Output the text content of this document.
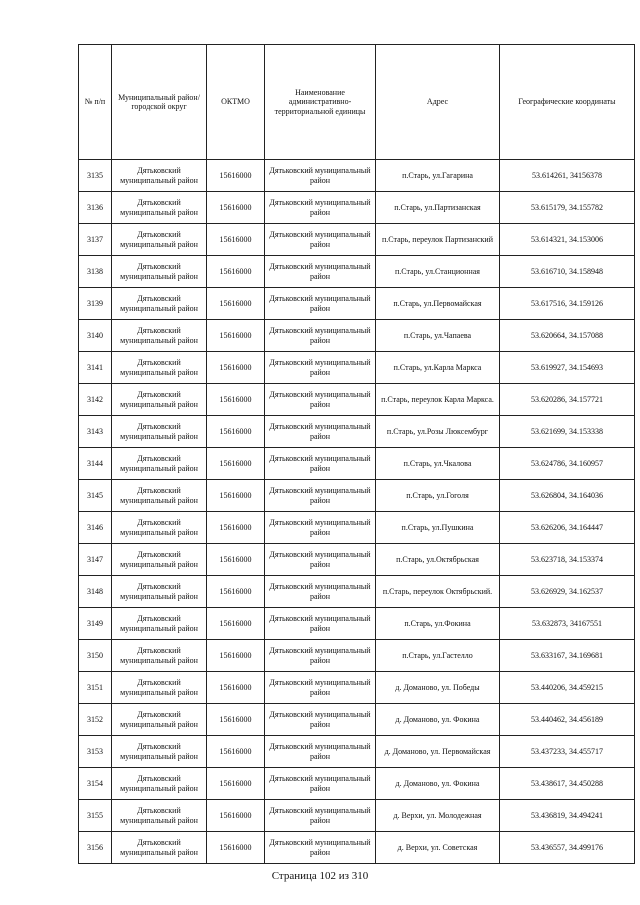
№ п/п	Муниципальный район/городской округ	ОКТМО	Наименование административно-территориальной единицы	Адрес	Географические координаты
3135	Дятьковский муниципальный район	15616000	Дятьковский муниципальный район	п.Старь, ул.Гагарина	53.614261, 34156378
3136	Дятьковский муниципальный район	15616000	Дятьковский муниципальный район	п.Старь, ул.Партизанская	53.615179, 34.155782
3137	Дятьковский муниципальный район	15616000	Дятьковский муниципальный район	п.Старь, переулок Партизанский	53.614321, 34.153006
3138	Дятьковский муниципальный район	15616000	Дятьковский муниципальный район	п.Старь, ул.Станционная	53.616710, 34.158948
3139	Дятьковский муниципальный район	15616000	Дятьковский муниципальный район	п.Старь, ул.Первомайская	53.617516, 34.159126
3140	Дятьковский муниципальный район	15616000	Дятьковский муниципальный район	п.Старь, ул.Чапаева	53.620664, 34.157088
3141	Дятьковский муниципальный район	15616000	Дятьковский муниципальный район	п.Старь, ул.Карла Маркса	53.619927, 34.154693
3142	Дятьковский муниципальный район	15616000	Дятьковский муниципальный район	п.Старь, переулок Карла Маркса.	53.620286, 34.157721
3143	Дятьковский муниципальный район	15616000	Дятьковский муниципальный район	п.Старь, ул.Розы Люксембург	53.621699, 34.153338
3144	Дятьковский муниципальный район	15616000	Дятьковский муниципальный район	п.Старь, ул.Чкалова	53.624786, 34.160957
3145	Дятьковский муниципальный район	15616000	Дятьковский муниципальный район	п.Старь, ул.Гоголя	53.626804, 34.164036
3146	Дятьковский муниципальный район	15616000	Дятьковский муниципальный район	п.Старь, ул.Пушкина	53.626206, 34.164447
3147	Дятьковский муниципальный район	15616000	Дятьковский муниципальный район	п.Старь, ул.Октябрьская	53.623718, 34.153374
3148	Дятьковский муниципальный район	15616000	Дятьковский муниципальный район	п.Старь, переулок Октябрьский.	53.626929, 34.162537
3149	Дятьковский муниципальный район	15616000	Дятьковский муниципальный район	п.Старь, ул.Фокина	53.632873, 34167551
3150	Дятьковский муниципальный район	15616000	Дятьковский муниципальный район	п.Старь, ул.Гастелло	53.633167, 34.169681
3151	Дятьковский муниципальный район	15616000	Дятьковский муниципальный район	д. Доманово, ул. Победы	53.440206, 34.459215
3152	Дятьковский муниципальный район	15616000	Дятьковский муниципальный район	д. Доманово, ул. Фокина	53.440462, 34.456189
3153	Дятьковский муниципальный район	15616000	Дятьковский муниципальный район	д. Доманово, ул. Первомайская	53.437233, 34.455717
3154	Дятьковский муниципальный район	15616000	Дятьковский муниципальный район	д. Доманово, ул. Фокина	53.438617, 34.450288
3155	Дятьковский муниципальный район	15616000	Дятьковский муниципальный район	д. Верхи, ул. Молодежная	53.436819, 34.494241
3156	Дятьковский муниципальный район	15616000	Дятьковский муниципальный район	д. Верхи, ул. Советская	53.436557, 34.499176
Страница 102 из 310
